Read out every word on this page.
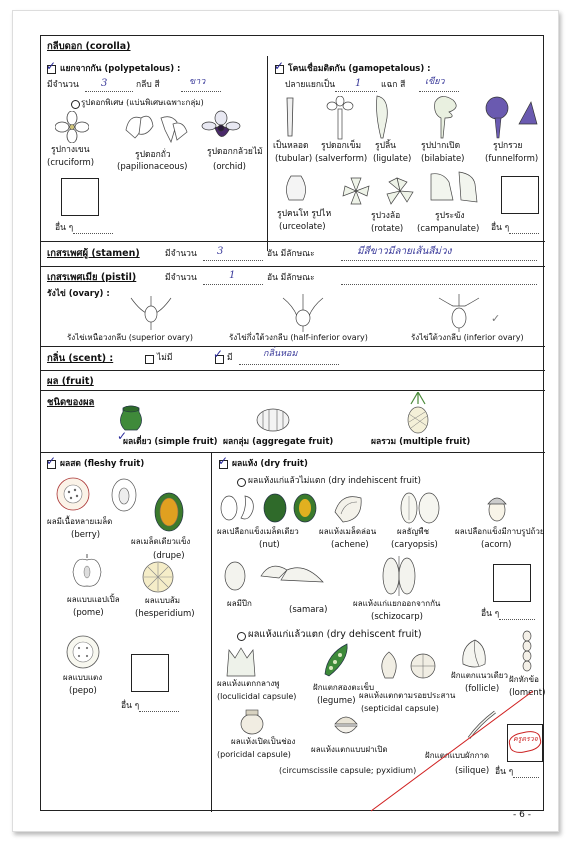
กลีบดอก (corolla)
✓ แยกจากกัน (polypetalous) :
มีจำนวน 3	กลีบ สี	ขาว
รูปดอกพิเศษ (แบ่นพิเศษเฉพาะกลุ่ม)
รูปกางเขน
(cruciform)
รูปดอกถั่ว
(papilionaceous)
รูปดอกกล้วยไม้
(orchid)
อื่น ๆ
✓ โคนเชื่อมติดกัน (gamopetalous) :
ปลายแยกเป็น 1 แฉก สี เขียว
เป็นหลอด
(tubular)
รูปดอกเข็ม
(salverform)
รูปลิ้น
(ligulate)
รูปปากเปิด
(bilabiate)
รูปกรวย
(funnelform)
รูปคนโท รูปไห
(urceolate)
รูปวงล้อ
(rotate)
รูประฆัง
(campanulate) อื่น ๆ
เกสรเพศผู้ (stamen)	มีจำนวน 3	อัน มีลักษณะ	มีสีขาวมีลายเส้นสีม่วง
เกสรเพศเมีย (pistil)	มีจำนวน	1	อัน มีลักษณะ
รังไข่ (ovary) :
✓
รังไข่เหนือวงกลีบ (superior ovary)	รังไข่กึ่งใต้วงกลีบ (half-inferior ovary)	รังไข่ใต้วงกลีบ (inferior ovary)
กลิ่น (scent) :	ไม่มี	✓ มี	กลิ่นหอม
ผล (fruit)
ชนิดของผล
✓
ผลเดี่ยว (simple fruit) ผลกลุ่ม (aggregate fruit)	ผลรวม (multiple fruit)
✓ ผลสด (fleshy fruit)
ผลมีเนื้อหลายเมล็ด
(berry)
ผลเมล็ดเดียวแข็ง
(drupe)
ผลแบบแอปเปิ้ล
(pome)
ผลแบบส้ม
(hesperidium)
ผลแบบแตง
(pepo)
อื่น ๆ
✓ ผลแห้ง (dry fruit)
ผลแห้งแก่แล้วไม่แตก (dry indehiscent fruit)
ผลเปลือกแข็งเมล็ดเดียว
(nut)
ผลแห้งเมล็ดล่อน
(achene)
ผลธัญพืช
(caryopsis)
ผลเปลือกแข็งมีกาบรูปถ้วย
(acorn)
ผลมีปีก
(samara)
ผลแห้งแก่แยกออกจากกัน
(schizocarp)	อื่น ๆ
ผลแห้งแก่แล้วแตก (dry dehiscent fruit)
ผลแห้งแตกกลางพู
(loculicidal capsule)
ฝักแตกสองตะเข็บ
(legume)
ผลแห้งแตกตามรอยประสาน
(septicidal capsule)
ฝักแตกแนวเดียว
(follicle)
ฝักหักข้อ
(loment)
ผลแห้งเปิดเป็นช่อง
(poricidal capsule)
ผลแห้งแตกแบบฝาเปิด
(circumscissile capsule; pyxidium)
ฝักแตกแบบผักกาด
(silique)
ครูตรวจ
อื่น ๆ
- 6 -
